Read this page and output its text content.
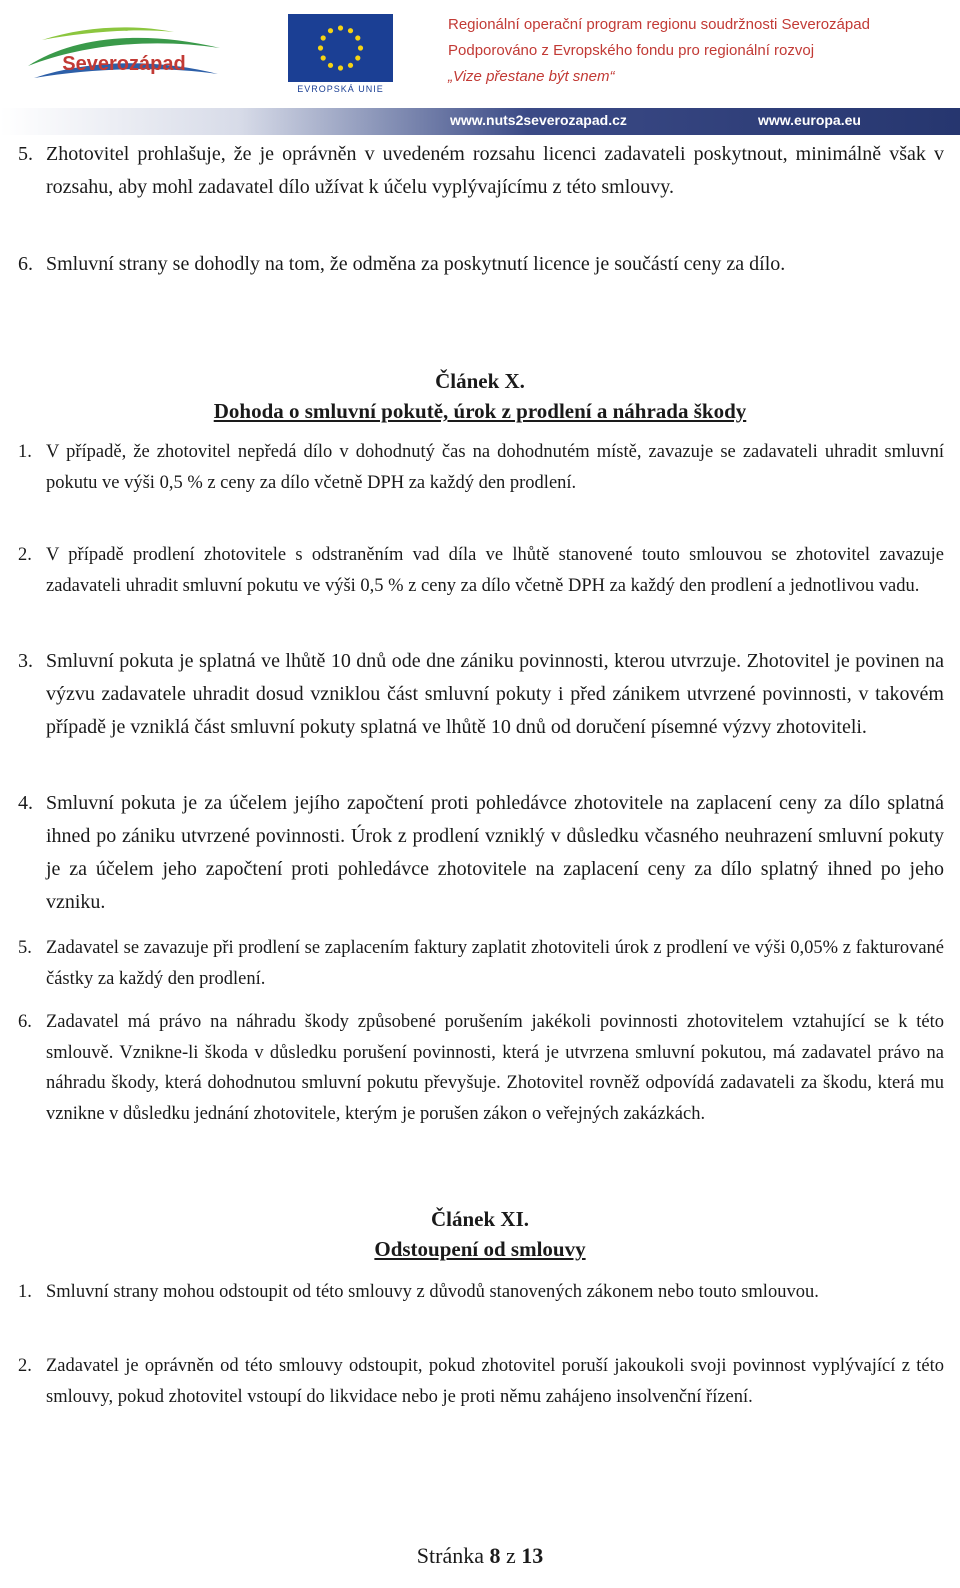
Severozápad
EVROPSKÁ UNIE
Regionální operační program regionu soudržnosti Severozápad
Podporováno z Evropského fondu pro regionální rozvoj
„Vize přestane být snem“
www.nuts2severozapad.cz	www.europa.eu
5. Zhotovitel prohlašuje, že je oprávněn v uvedeném rozsahu licenci zadavateli poskytnout, minimálně však v rozsahu, aby mohl zadavatel dílo užívat k účelu vyplývajícímu z této smlouvy.
6. Smluvní strany se dohodly na tom, že odměna za poskytnutí licence je součástí ceny za dílo.
Článek X.
Dohoda o smluvní pokutě, úrok z prodlení a náhrada škody
1. V případě, že zhotovitel nepředá dílo v dohodnutý čas na dohodnutém místě, zavazuje se zadavateli uhradit smluvní pokutu ve výši 0,5 % z ceny za dílo včetně DPH za každý den prodlení.
2. V případě prodlení zhotovitele s odstraněním vad díla ve lhůtě stanovené touto smlouvou se zhotovitel zavazuje zadavateli uhradit smluvní pokutu ve výši 0,5 % z ceny za dílo včetně DPH za každý den prodlení a jednotlivou vadu.
3. Smluvní pokuta je splatná ve lhůtě 10 dnů ode dne zániku povinnosti, kterou utvrzuje. Zhotovitel je povinen na výzvu zadavatele uhradit dosud vzniklou část smluvní pokuty i před zánikem utvrzené povinnosti, v takovém případě je vzniklá část smluvní pokuty splatná ve lhůtě 10 dnů od doručení písemné výzvy zhotoviteli.
4. Smluvní pokuta je za účelem jejího započtení proti pohledávce zhotovitele na zaplacení ceny za dílo splatná ihned po zániku utvrzené povinnosti. Úrok z prodlení vzniklý v důsledku včasného neuhrazení smluvní pokuty je za účelem jeho započtení proti pohledávce zhotovitele na zaplacení ceny za dílo splatný ihned po jeho vzniku.
5. Zadavatel se zavazuje při prodlení se zaplacením faktury zaplatit zhotoviteli úrok z prodlení ve výši 0,05% z fakturované částky za každý den prodlení.
6. Zadavatel má právo na náhradu škody způsobené porušením jakékoli povinnosti zhotovitelem vztahující se k této smlouvě. Vznikne-li škoda v důsledku porušení povinnosti, která je utvrzena smluvní pokutou, má zadavatel právo na náhradu škody, která dohodnutou smluvní pokutu převyšuje. Zhotovitel rovněž odpovídá zadavateli za škodu, která mu vznikne v důsledku jednání zhotovitele, kterým je porušen zákon o veřejných zakázkách.
Článek XI.
Odstoupení od smlouvy
1. Smluvní strany mohou odstoupit od této smlouvy z důvodů stanovených zákonem nebo touto smlouvou.
2. Zadavatel je oprávněn od této smlouvy odstoupit, pokud zhotovitel poruší jakoukoli svoji povinnost vyplývající z této smlouvy, pokud zhotovitel vstoupí do likvidace nebo je proti němu zahájeno insolvenční řízení.
Stránka 8 z 13
